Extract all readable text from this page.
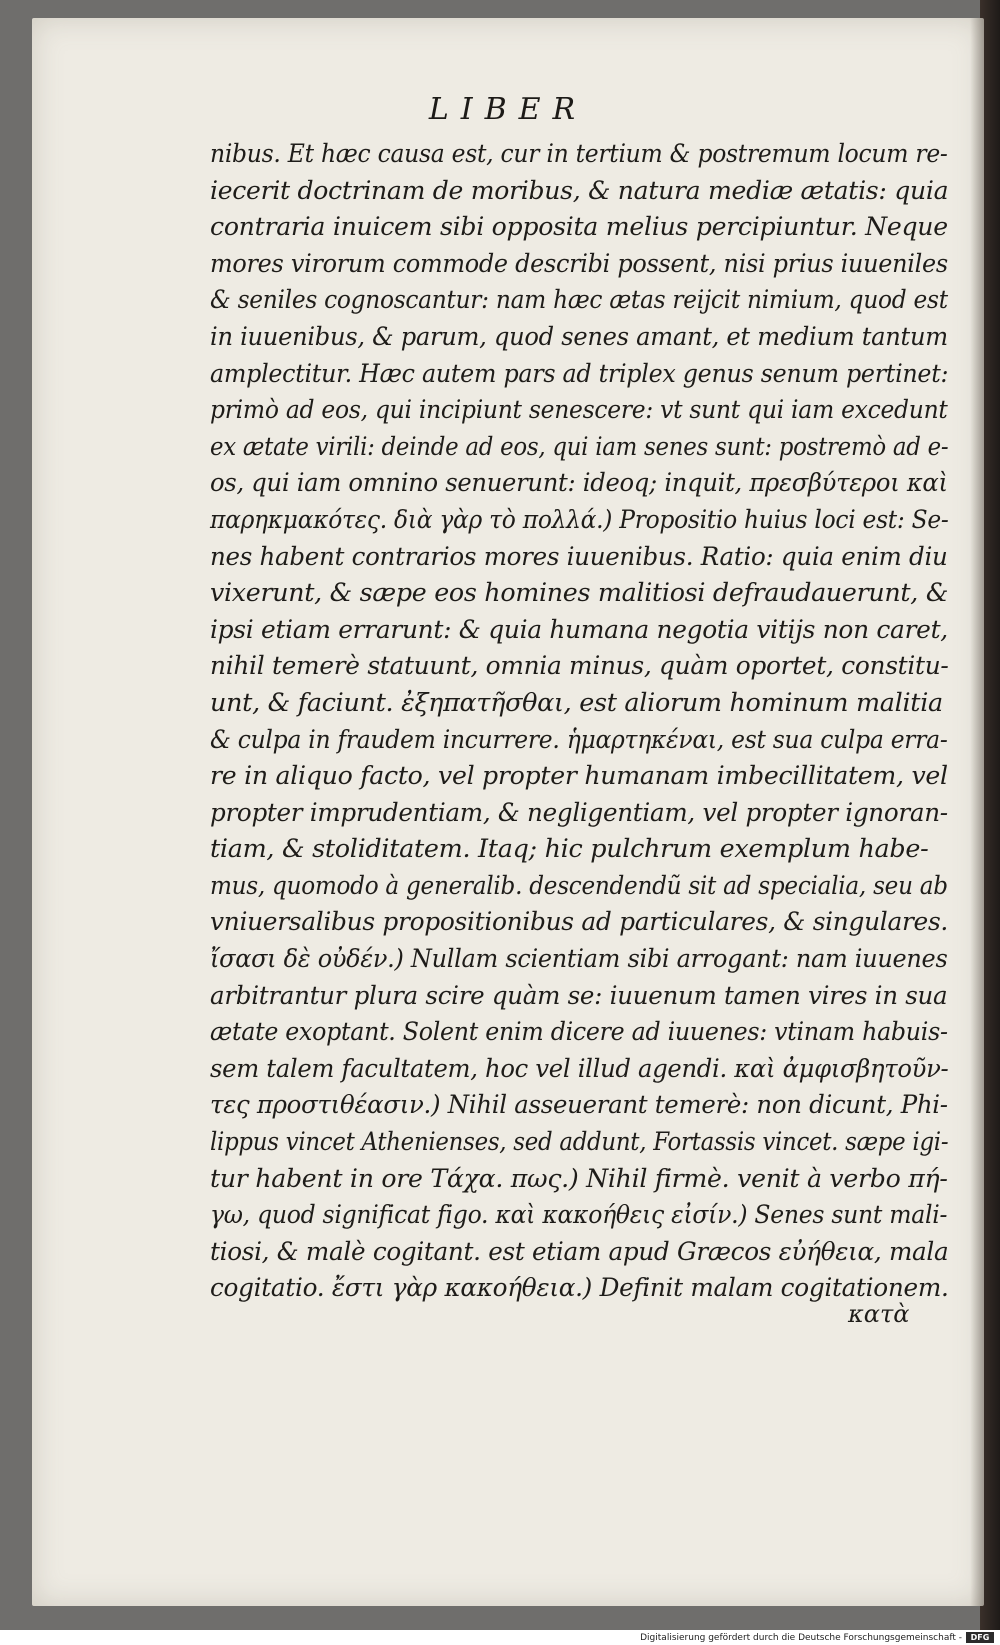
LIBER
nibus. Et hæc causa est, cur in tertium & postremum locum re-
iecerit doctrinam de moribus, & natura mediæ ætatis: quia
contraria inuicem sibi opposita melius percipiuntur. Neque
mores virorum commode describi possent, nisi prius iuueniles
& seniles cognoscantur: nam hæc ætas reijcit nimium, quod est
in iuuenibus, & parum, quod senes amant, et medium tantum
amplectitur. Hæc autem pars ad triplex genus senum pertinet:
primò ad eos, qui incipiunt senescere: vt sunt qui iam excedunt
ex ætate virili: deinde ad eos, qui iam senes sunt: postremò ad e-
os, qui iam omnino senuerunt: ideoq; inquit, πρεσβύτεροι καὶ
παρηκμακότες. διὰ γὰρ τὸ πολλά.) Propositio huius loci est: Se-
nes habent contrarios mores iuuenibus. Ratio: quia enim diu
vixerunt, & sæpe eos homines malitiosi defraudauerunt, &
ipsi etiam errarunt: & quia humana negotia vitijs non caret,
nihil temerè statuunt, omnia minus, quàm oportet, constitu-
unt, & faciunt. ἐξηπατῆσθαι, est aliorum hominum malitia
& culpa in fraudem incurrere. ἡμαρτηκέναι, est sua culpa erra-
re in aliquo facto, vel propter humanam imbecillitatem, vel
propter imprudentiam, & negligentiam, vel propter ignoran-
tiam, & stoliditatem. Itaq; hic pulchrum exemplum habe-
mus, quomodo à generalib. descendendũ sit ad specialia, seu ab
vniuersalibus propositionibus ad particulares, & singulares.
ἴσασι δὲ οὐδέν.) Nullam scientiam sibi arrogant: nam iuuenes
arbitrantur plura scire quàm se: iuuenum tamen vires in sua
ætate exoptant. Solent enim dicere ad iuuenes: vtinam habuis-
sem talem facultatem, hoc vel illud agendi. καὶ ἀμφισβητοῦν-
τες προστιθέασιν.) Nihil asseuerant temerè: non dicunt, Phi-
lippus vincet Athenienses, sed addunt, Fortassis vincet. sæpe igi-
tur habent in ore Τάχα. πως.) Nihil firmè. venit à verbo πή-
γω, quod significat figo. καὶ κακοήθεις εἰσίν.) Senes sunt mali-
tiosi, & malè cogitant. est etiam apud Græcos εὐήθεια, mala
cogitatio. ἔστι γὰρ κακοήθεια.) Definit malam cogitationem.
κατὰ
Digitalisierung gefördert durch die Deutsche Forschungsgemeinschaft -	DFG
